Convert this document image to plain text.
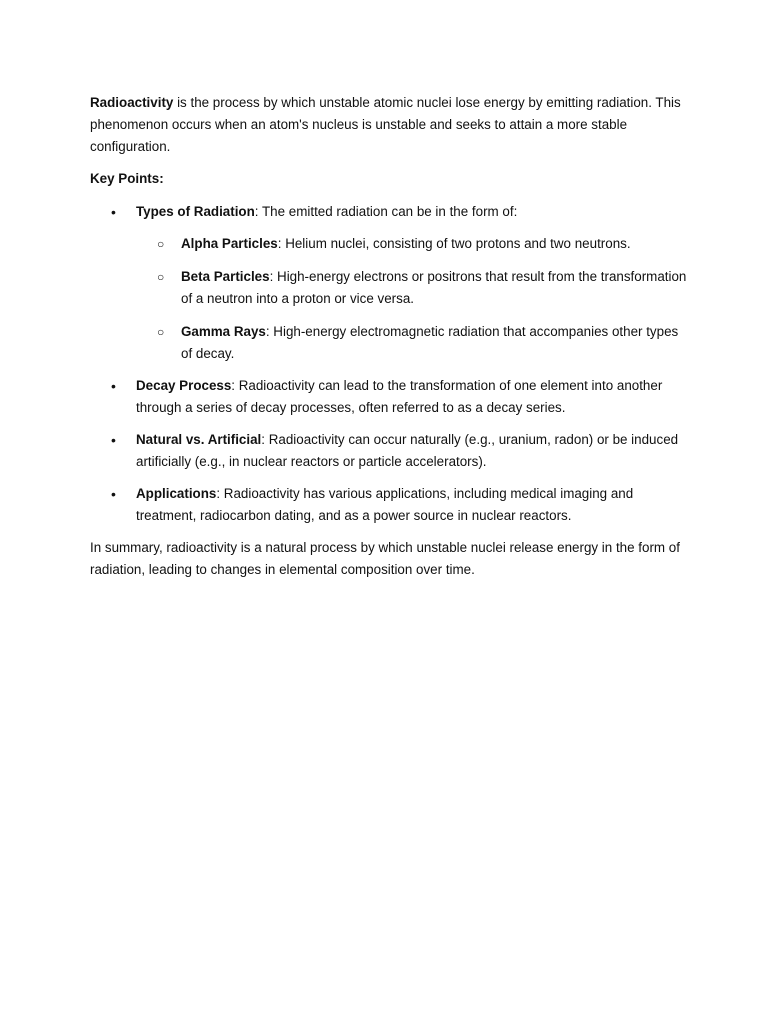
Radioactivity is the process by which unstable atomic nuclei lose energy by emitting radiation. This phenomenon occurs when an atom's nucleus is unstable and seeks to attain a more stable configuration.

Key Points:

• Types of Radiation: The emitted radiation can be in the form of:
○ Alpha Particles: Helium nuclei, consisting of two protons and two neutrons.
○ Beta Particles: High-energy electrons or positrons that result from the transformation of a neutron into a proton or vice versa.
○ Gamma Rays: High-energy electromagnetic radiation that accompanies other types of decay.
• Decay Process: Radioactivity can lead to the transformation of one element into another through a series of decay processes, often referred to as a decay series.
• Natural vs. Artificial: Radioactivity can occur naturally (e.g., uranium, radon) or be induced artificially (e.g., in nuclear reactors or particle accelerators).
• Applications: Radioactivity has various applications, including medical imaging and treatment, radiocarbon dating, and as a power source in nuclear reactors.

In summary, radioactivity is a natural process by which unstable nuclei release energy in the form of radiation, leading to changes in elemental composition over time.
